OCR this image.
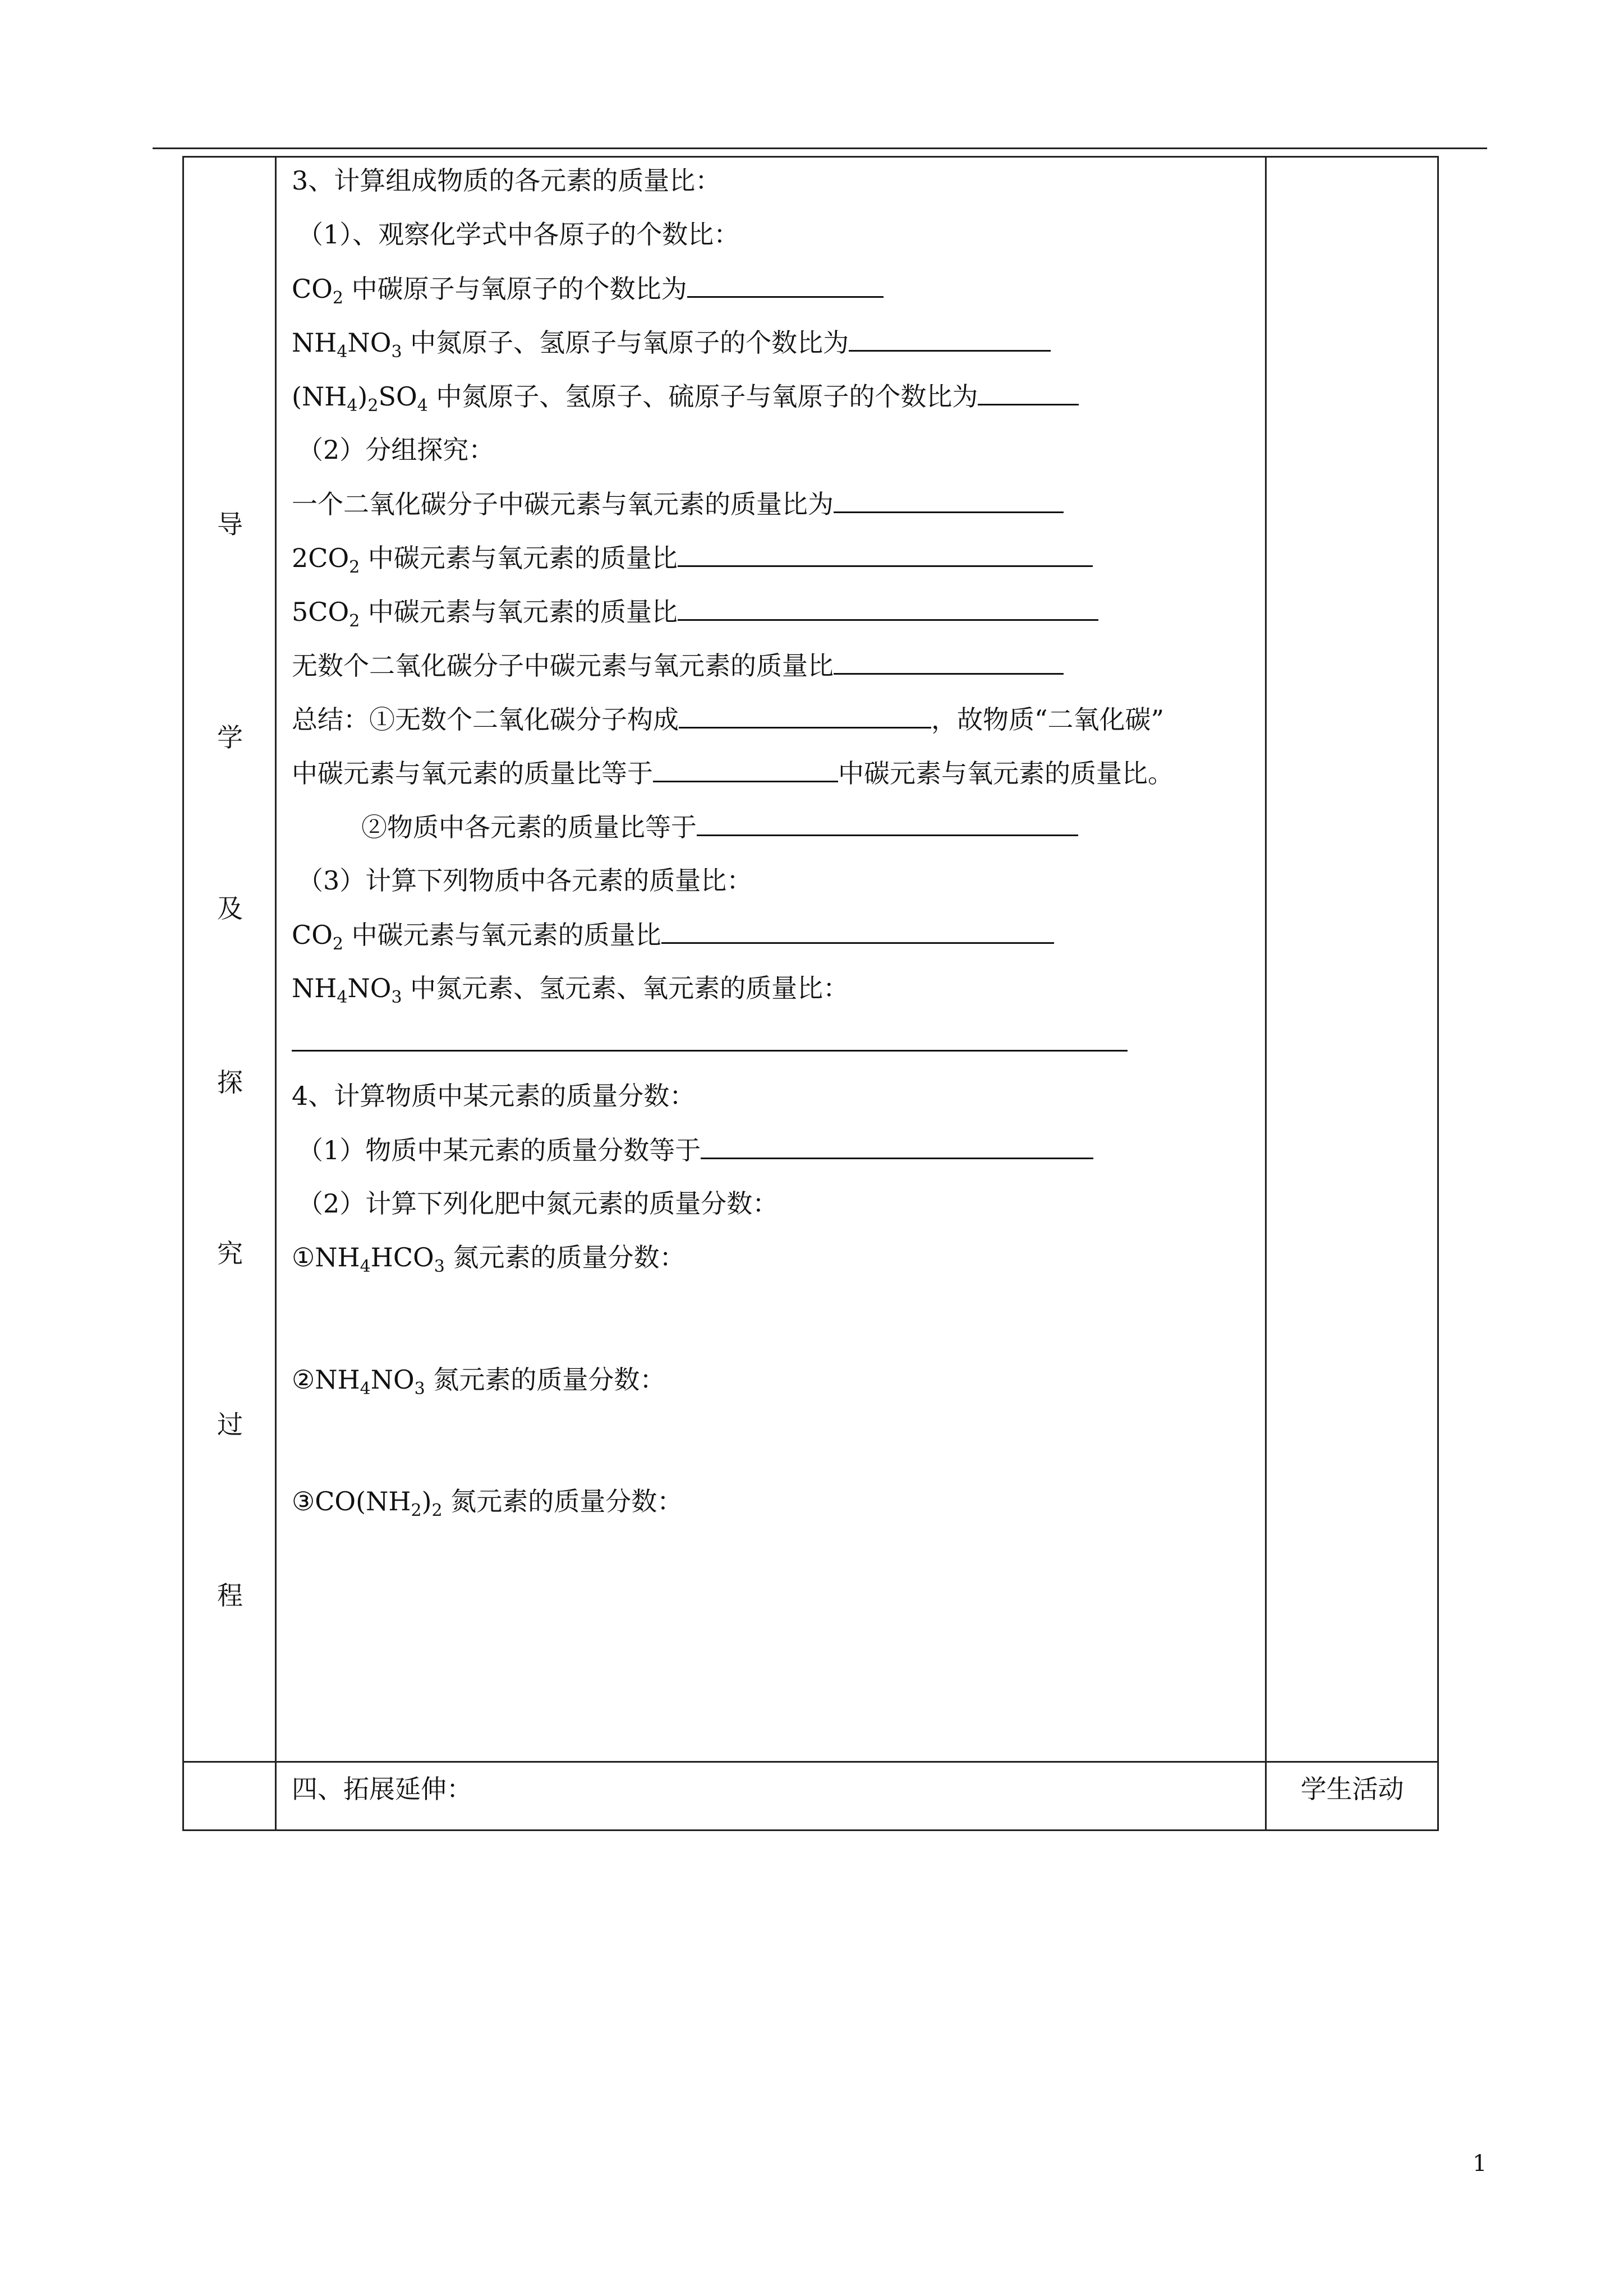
导
学
及
探
究
过
程
3、计算组成物质的各元素的质量比：
（1）、观察化学式中各原子的个数比：
$CO_2$ 中碳原子与氧原子的个数比为
$NH_4NO_3$ 中氮原子、氢原子与氧原子的个数比为
$(NH_4)_2SO_4$ 中氮原子、氢原子、硫原子与氧原子的个数比为
（2）分组探究：
一个二氧化碳分子中碳元素与氧元素的质量比为
$2CO_2$ 中碳元素与氧元素的质量比
$5CO_2$ 中碳元素与氧元素的质量比
无数个二氧化碳分子中碳元素与氧元素的质量比
总结：①无数个二氧化碳分子构成	，故物质“二氧化碳”
中碳元素与氧元素的质量比等于	中碳元素与氧元素的质量比。
②物质中各元素的质量比等于
（3）计算下列物质中各元素的质量比：
$CO_2$ 中碳元素与氧元素的质量比
$NH_4NO_3$ 中氮元素、氢元素、氧元素的质量比：
4、计算物质中某元素的质量分数：
（1）物质中某元素的质量分数等于
（2）计算下列化肥中氮元素的质量分数：
$①NH_4HCO_3$ 氮元素的质量分数：
$②NH_4NO_3$ 氮元素的质量分数：
$③CO(NH_2)_2$ 氮元素的质量分数：
四、拓展延伸：	学生活动
1
